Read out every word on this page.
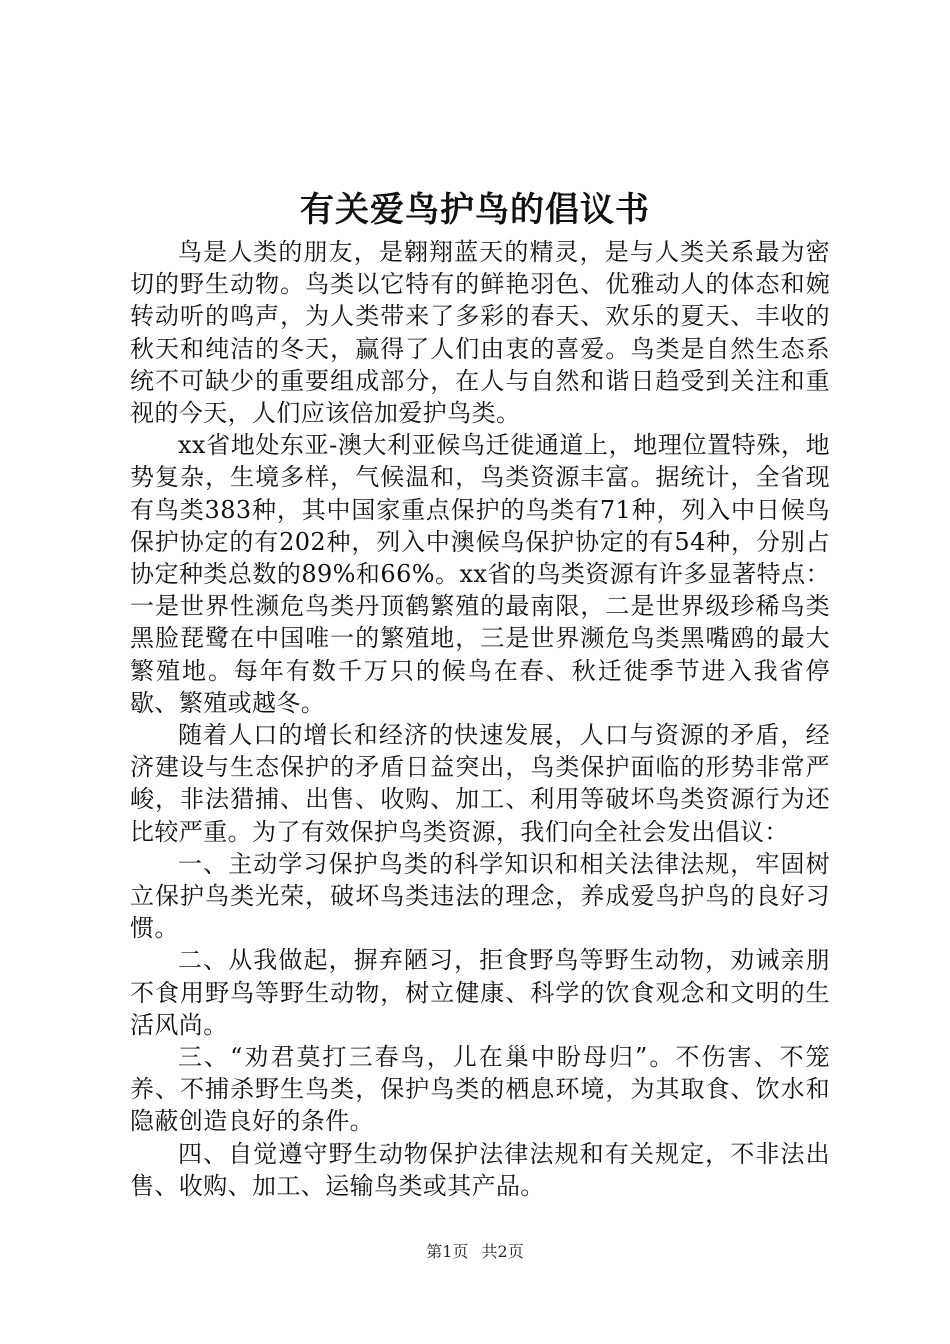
有关爱鸟护鸟的倡议书

鸟是人类的朋友，是翱翔蓝天的精灵，是与人类关系最为密切的野生动物。鸟类以它特有的鲜艳羽色、优雅动人的体态和婉转动听的鸣声，为人类带来了多彩的春天、欢乐的夏天、丰收的秋天和纯洁的冬天，赢得了人们由衷的喜爱。鸟类是自然生态系统不可缺少的重要组成部分，在人与自然和谐日趋受到关注和重视的今天，人们应该倍加爱护鸟类。

xx省地处东亚-澳大利亚候鸟迁徙通道上，地理位置特殊，地势复杂，生境多样，气候温和，鸟类资源丰富。据统计，全省现有鸟类383种，其中国家重点保护的鸟类有71种，列入中日候鸟保护协定的有202种，列入中澳候鸟保护协定的有54种，分别占协定种类总数的89%和66%。xx省的鸟类资源有许多显著特点：一是世界性濒危鸟类丹顶鹤繁殖的最南限，二是世界级珍稀鸟类黑脸琵鹭在中国唯一的繁殖地，三是世界濒危鸟类黑嘴鸥的最大繁殖地。每年有数千万只的候鸟在春、秋迁徙季节进入我省停歇、繁殖或越冬。

随着人口的增长和经济的快速发展，人口与资源的矛盾，经济建设与生态保护的矛盾日益突出，鸟类保护面临的形势非常严峻，非法猎捕、出售、收购、加工、利用等破坏鸟类资源行为还比较严重。为了有效保护鸟类资源，我们向全社会发出倡议：

一、主动学习保护鸟类的科学知识和相关法律法规，牢固树立保护鸟类光荣，破坏鸟类违法的理念，养成爱鸟护鸟的良好习惯。

二、从我做起，摒弃陋习，拒食野鸟等野生动物，劝诫亲朋不食用野鸟等野生动物，树立健康、科学的饮食观念和文明的生活风尚。

三、“劝君莫打三春鸟，儿在巢中盼母归”。不伤害、不笼养、不捕杀野生鸟类，保护鸟类的栖息环境，为其取食、饮水和隐蔽创造良好的条件。

四、自觉遵守野生动物保护法律法规和有关规定，不非法出售、收购、加工、运输鸟类或其产品。

第1页 共2页
